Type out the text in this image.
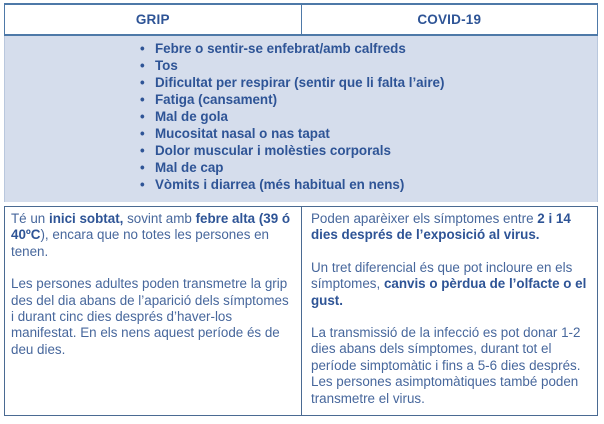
GRIP	COVID-19
• Febre o sentir-se enfebrat/amb calfreds
• Tos
• Dificultat per respirar (sentir que li falta l’aire)
• Fatiga (cansament)
• Mal de gola
• Mucositat nasal o nas tapat
• Dolor muscular i molèsties corporals
• Mal de cap
• Vòmits i diarrea (més habitual en nens)

Té un inici sobtat, sovint amb febre alta (39 ó 40ºC), encara que no totes les persones en tenen.

Les persones adultes poden transmetre la grip des del dia abans de l’aparició dels símptomes i durant cinc dies després d’haver-los manifestat. En els nens aquest període és de deu dies.

Poden aparèixer els símptomes entre 2 i 14 dies després de l’exposició al virus.

Un tret diferencial és que pot incloure en els símptomes, canvis o pèrdua de l’olfacte o el gust.

La transmissió de la infecció es pot donar 1-2 dies abans dels símptomes, durant tot el període simptomàtic i fins a 5-6 dies després. Les persones asimptomàtiques també poden transmetre el virus.
